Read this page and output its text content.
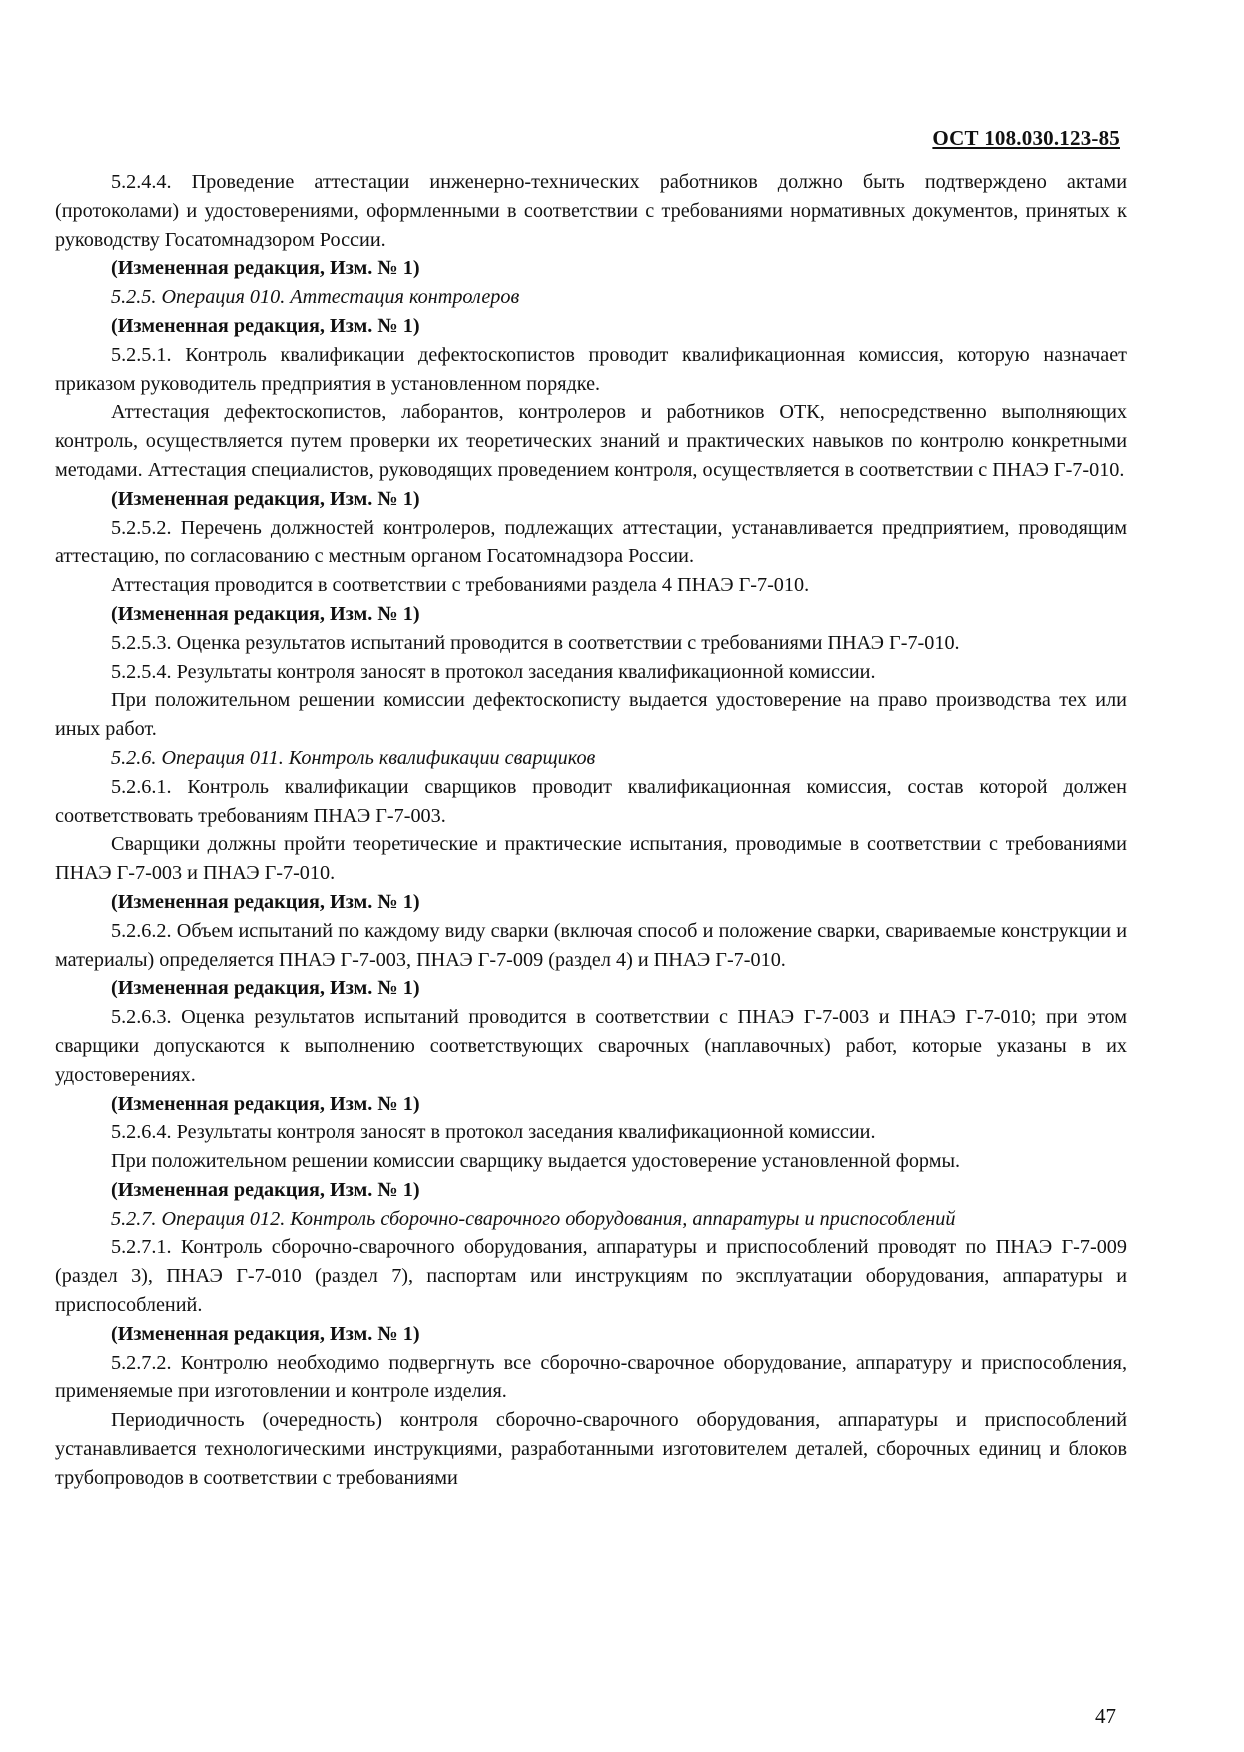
ОСТ 108.030.123-85

5.2.4.4. Проведение аттестации инженерно-технических работников должно быть подтверждено актами (протоколами) и удостоверениями, оформленными в соответствии с требованиями нормативных документов, принятых к руководству Госатомнадзором России.

(Измененная редакция, Изм. № 1)

5.2.5. Операция 010. Аттестация контролеров

(Измененная редакция, Изм. № 1)

5.2.5.1. Контроль квалификации дефектоскопистов проводит квалификационная комиссия, которую назначает приказом руководитель предприятия в установленном порядке.

Аттестация дефектоскопистов, лаборантов, контролеров и работников ОТК, непосредственно выполняющих контроль, осуществляется путем проверки их теоретических знаний и практических навыков по контролю конкретными методами. Аттестация специалистов, руководящих проведением контроля, осуществляется в соответствии с ПНАЭ Г-7-010.

(Измененная редакция, Изм. № 1)

5.2.5.2. Перечень должностей контролеров, подлежащих аттестации, устанавливается предприятием, проводящим аттестацию, по согласованию с местным органом Госатомнадзора России.

Аттестация проводится в соответствии с требованиями раздела 4 ПНАЭ Г-7-010.

(Измененная редакция, Изм. № 1)

5.2.5.3. Оценка результатов испытаний проводится в соответствии с требованиями ПНАЭ Г-7-010.

5.2.5.4. Результаты контроля заносят в протокол заседания квалификационной комиссии.

При положительном решении комиссии дефектоскописту выдается удостоверение на право производства тех или иных работ.

5.2.6. Операция 011. Контроль квалификации сварщиков

5.2.6.1. Контроль квалификации сварщиков проводит квалификационная комиссия, состав которой должен соответствовать требованиям ПНАЭ Г-7-003.

Сварщики должны пройти теоретические и практические испытания, проводимые в соответствии с требованиями ПНАЭ Г-7-003 и ПНАЭ Г-7-010.

(Измененная редакция, Изм. № 1)

5.2.6.2. Объем испытаний по каждому виду сварки (включая способ и положение сварки, свариваемые конструкции и материалы) определяется ПНАЭ Г-7-003, ПНАЭ Г-7-009 (раздел 4) и ПНАЭ Г-7-010.

(Измененная редакция, Изм. № 1)

5.2.6.3. Оценка результатов испытаний проводится в соответствии с ПНАЭ Г-7-003 и ПНАЭ Г-7-010; при этом сварщики допускаются к выполнению соответствующих сварочных (наплавочных) работ, которые указаны в их удостоверениях.

(Измененная редакция, Изм. № 1)

5.2.6.4. Результаты контроля заносят в протокол заседания квалификационной комиссии.

При положительном решении комиссии сварщику выдается удостоверение установленной формы.

(Измененная редакция, Изм. № 1)

5.2.7. Операция 012. Контроль сборочно-сварочного оборудования, аппаратуры и приспособлений

5.2.7.1. Контроль сборочно-сварочного оборудования, аппаратуры и приспособлений проводят по ПНАЭ Г-7-009 (раздел 3), ПНАЭ Г-7-010 (раздел 7), паспортам или инструкциям по эксплуатации оборудования, аппаратуры и приспособлений.

(Измененная редакция, Изм. № 1)

5.2.7.2. Контролю необходимо подвергнуть все сборочно-сварочное оборудование, аппаратуру и приспособления, применяемые при изготовлении и контроле изделия.

Периодичность (очередность) контроля сборочно-сварочного оборудования, аппаратуры и приспособлений устанавливается технологическими инструкциями, разработанными изготовителем деталей, сборочных единиц и блоков трубопроводов в соответствии с требованиями

47
